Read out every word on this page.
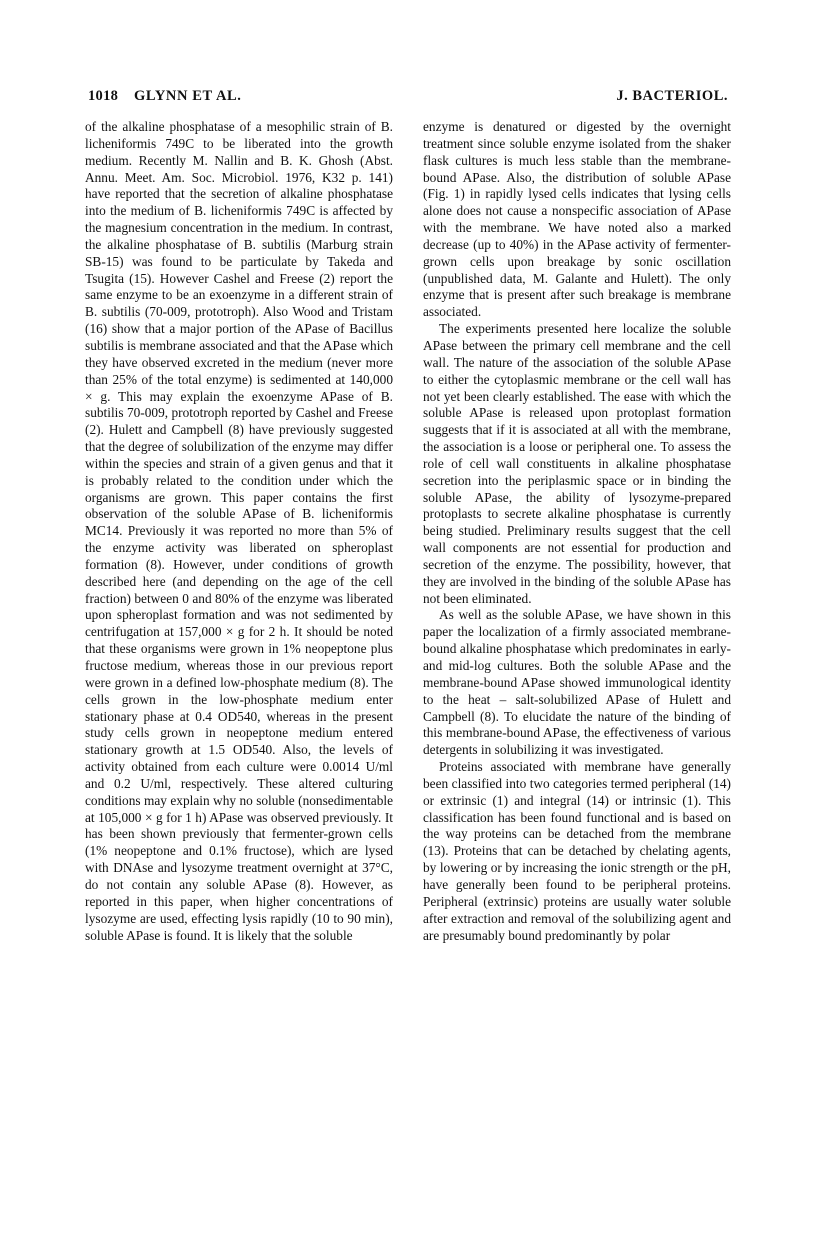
1018 GLYNN ET AL.	J. BACTERIOL.

of the alkaline phosphatase of a mesophilic strain of B. licheniformis 749C to be liberated into the growth medium. Recently M. Nallin and B. K. Ghosh (Abst. Annu. Meet. Am. Soc. Microbiol. 1976, K32 p. 141) have reported that the secretion of alkaline phosphatase into the medium of B. licheniformis 749C is affected by the magnesium concentration in the medium. In contrast, the alkaline phosphatase of B. subtilis (Marburg strain SB-15) was found to be particulate by Takeda and Tsugita (15). However Cashel and Freese (2) report the same enzyme to be an exoenzyme in a different strain of B. subtilis (70-009, prototroph). Also Wood and Tristam (16) show that a major portion of the APase of Bacillus subtilis is membrane associated and that the APase which they have observed excreted in the medium (never more than 25% of the total enzyme) is sedimented at 140,000 × g. This may explain the exoenzyme APase of B. subtilis 70-009, prototroph reported by Cashel and Freese (2). Hulett and Campbell (8) have previously suggested that the degree of solubilization of the enzyme may differ within the species and strain of a given genus and that it is probably related to the condition under which the organisms are grown. This paper contains the first observation of the soluble APase of B. licheniformis MC14. Previously it was reported no more than 5% of the enzyme activity was liberated on spheroplast formation (8). However, under conditions of growth described here (and depending on the age of the cell fraction) between 0 and 80% of the enzyme was liberated upon spheroplast formation and was not sedimented by centrifugation at 157,000 × g for 2 h. It should be noted that these organisms were grown in 1% neopeptone plus fructose medium, whereas those in our previous report were grown in a defined low-phosphate medium (8). The cells grown in the low-phosphate medium enter stationary phase at 0.4 OD540, whereas in the present study cells grown in neopeptone medium entered stationary growth at 1.5 OD540. Also, the levels of activity obtained from each culture were 0.0014 U/ml and 0.2 U/ml, respectively. These altered culturing conditions may explain why no soluble (nonsedimentable at 105,000 × g for 1 h) APase was observed previously. It has been shown previously that fermenter-grown cells (1% neopeptone and 0.1% fructose), which are lysed with DNAse and lysozyme treatment overnight at 37°C, do not contain any soluble APase (8). However, as reported in this paper, when higher concentrations of lysozyme are used, effecting lysis rapidly (10 to 90 min), soluble APase is found. It is likely that the soluble

enzyme is denatured or digested by the overnight treatment since soluble enzyme isolated from the shaker flask cultures is much less stable than the membrane-bound APase. Also, the distribution of soluble APase (Fig. 1) in rapidly lysed cells indicates that lysing cells alone does not cause a nonspecific association of APase with the membrane. We have noted also a marked decrease (up to 40%) in the APase activity of fermenter-grown cells upon breakage by sonic oscillation (unpublished data, M. Galante and Hulett). The only enzyme that is present after such breakage is membrane associated.

The experiments presented here localize the soluble APase between the primary cell membrane and the cell wall. The nature of the association of the soluble APase to either the cytoplasmic membrane or the cell wall has not yet been clearly established. The ease with which the soluble APase is released upon protoplast formation suggests that if it is associated at all with the membrane, the association is a loose or peripheral one. To assess the role of cell wall constituents in alkaline phosphatase secretion into the periplasmic space or in binding the soluble APase, the ability of lysozyme-prepared protoplasts to secrete alkaline phosphatase is currently being studied. Preliminary results suggest that the cell wall components are not essential for production and secretion of the enzyme. The possibility, however, that they are involved in the binding of the soluble APase has not been eliminated.

As well as the soluble APase, we have shown in this paper the localization of a firmly associated membrane-bound alkaline phosphatase which predominates in early- and mid-log cultures. Both the soluble APase and the membrane-bound APase showed immunological identity to the heat – salt-solubilized APase of Hulett and Campbell (8). To elucidate the nature of the binding of this membrane-bound APase, the effectiveness of various detergents in solubilizing it was investigated.

Proteins associated with membrane have generally been classified into two categories termed peripheral (14) or extrinsic (1) and integral (14) or intrinsic (1). This classification has been found functional and is based on the way proteins can be detached from the membrane (13). Proteins that can be detached by chelating agents, by lowering or by increasing the ionic strength or the pH, have generally been found to be peripheral proteins. Peripheral (extrinsic) proteins are usually water soluble after extraction and removal of the solubilizing agent and are presumably bound predominantly by polar
